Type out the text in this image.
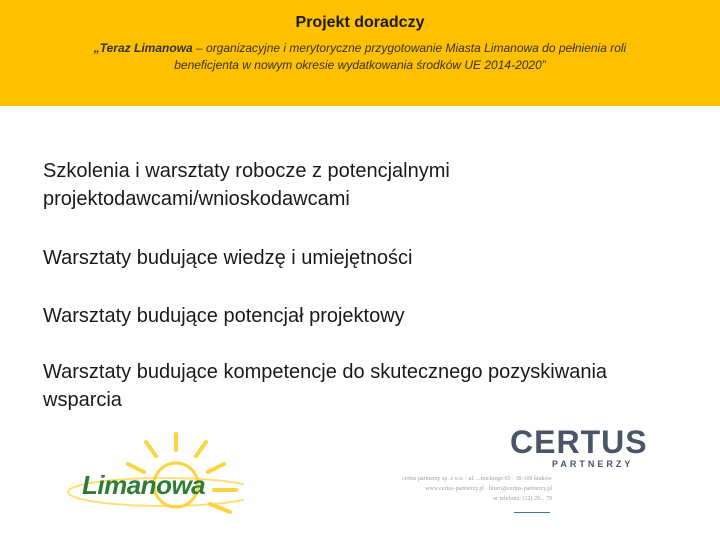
Projekt doradczy
„Teraz Limanowa – organizacyjne i merytoryczne przygotowanie Miasta Limanowa do pełnienia roli beneficjenta w nowym okresie wydatkowania środków UE 2014-2020”
Szkolenia i warsztaty robocze z potencjalnymi projektodawcami/wnioskodawcami
Warsztaty budujące wiedzę i umiejętności
Warsztaty budujące potencjał projektowy
Warsztaty budujące kompetencje do skutecznego pozyskiwania wsparcia
Limanowa
CERTUS
PARTNERZY
certus partnerzy sp. z o.o. · ul. ...mickiego 65 · 30-100 kraków
www.certus-partnerzy.pl · biuro@certus-partnerzy.pl
nr telefonu: (12) 29... 79
